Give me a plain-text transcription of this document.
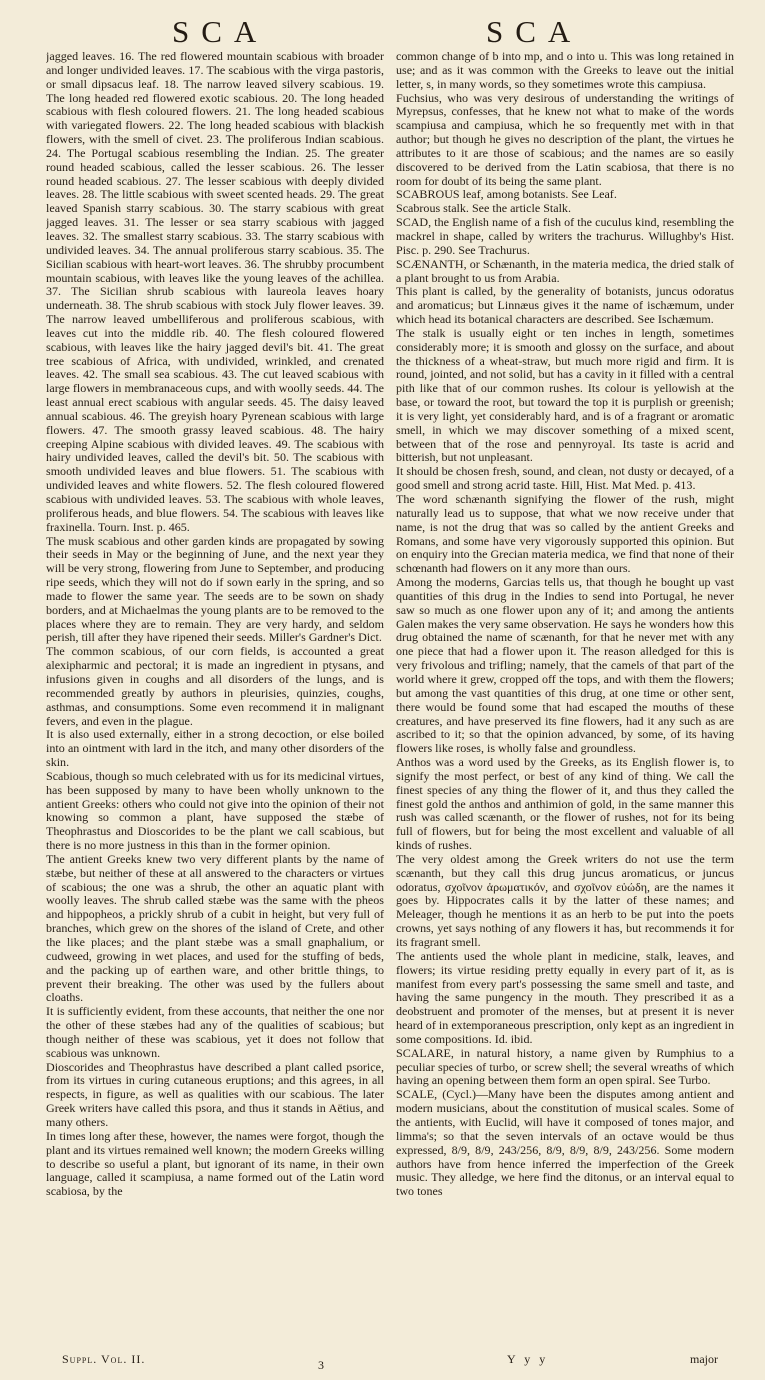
SCA	SCA

jagged leaves. 16. The red flowered mountain scabious with broader and longer undivided leaves. 17. The scabious with the virga pastoris, or small dipsacus leaf. 18. The narrow leaved silvery scabious. 19. The long headed red flowered exotic scabious. 20. The long headed scabious with flesh coloured flowers. 21. The long headed scabious with variegated flowers. 22. The long headed scabious with blackish flowers, with the smell of civet. 23. The proliferous Indian scabious. 24. The Portugal scabious resembling the Indian. 25. The greater round headed scabious, called the lesser scabious. 26. The lesser round headed scabious. 27. The lesser scabious with deeply divided leaves. 28. The little scabious with sweet scented heads. 29. The great leaved Spanish starry scabious. 30. The starry scabious with great jagged leaves. 31. The lesser or sea starry scabious with jagged leaves. 32. The smallest starry scabious. 33. The starry scabious with undivided leaves. 34. The annual proliferous starry scabious. 35. The Sicilian scabious with heart-wort leaves. 36. The shrubby procumbent mountain scabious, with leaves like the young leaves of the achillea. 37. The Sicilian shrub scabious with laureola leaves hoary underneath. 38. The shrub scabious with stock July flower leaves. 39. The narrow leaved umbelliferous and proliferous scabious, with leaves cut into the middle rib. 40. The flesh coloured flowered scabious, with leaves like the hairy jagged devil's bit. 41. The great tree scabious of Africa, with undivided, wrinkled, and crenated leaves. 42. The small sea scabious. 43. The cut leaved scabious with large flowers in membranaceous cups, and with woolly seeds. 44. The least annual erect scabious with angular seeds. 45. The daisy leaved annual scabious. 46. The greyish hoary Pyrenean scabious with large flowers. 47. The smooth grassy leaved scabious. 48. The hairy creeping Alpine scabious with divided leaves. 49. The scabious with hairy undivided leaves, called the devil's bit. 50. The scabious with smooth undivided leaves and blue flowers. 51. The scabious with undivided leaves and white flowers. 52. The flesh coloured flowered scabious with undivided leaves. 53. The scabious with whole leaves, proliferous heads, and blue flowers. 54. The scabious with leaves like fraxinella. Tourn. Inst. p. 465.

The musk scabious and other garden kinds are propagated by sowing their seeds in May or the beginning of June, and the next year they will be very strong, flowering from June to September, and producing ripe seeds, which they will not do if sown early in the spring, and so made to flower the same year. The seeds are to be sown on shady borders, and at Michaelmas the young plants are to be removed to the places where they are to remain. They are very hardy, and seldom perish, till after they have ripened their seeds. Miller's Gardner's Dict.

The common scabious, of our corn fields, is accounted a great alexipharmic and pectoral; it is made an ingredient in ptysans, and infusions given in coughs and all disorders of the lungs, and is recommended greatly by authors in pleurisies, quinzies, coughs, asthmas, and consumptions. Some even recommend it in malignant fevers, and even in the plague.

It is also used externally, either in a strong decoction, or else boiled into an ointment with lard in the itch, and many other disorders of the skin.

Scabious, though so much celebrated with us for its medicinal virtues, has been supposed by many to have been wholly unknown to the antient Greeks: others who could not give into the opinion of their not knowing so common a plant, have supposed the stæbe of Theophrastus and Dioscorides to be the plant we call scabious, but there is no more justness in this than in the former opinion.

The antient Greeks knew two very different plants by the name of stæbe, but neither of these at all answered to the characters or virtues of scabious; the one was a shrub, the other an aquatic plant with woolly leaves. The shrub called stæbe was the same with the pheos and hippopheos, a prickly shrub of a cubit in height, but very full of branches, which grew on the shores of the island of Crete, and other the like places; and the plant stæbe was a small gnaphalium, or cudweed, growing in wet places, and used for the stuffing of beds, and the packing up of earthen ware, and other brittle things, to prevent their breaking. The other was used by the fullers about cloaths.

It is sufficiently evident, from these accounts, that neither the one nor the other of these stæbes had any of the qualities of scabious; but though neither of these was scabious, yet it does not follow that scabious was unknown.

Dioscorides and Theophrastus have described a plant called psorice, from its virtues in curing cutaneous eruptions; and this agrees, in all respects, in figure, as well as qualities with our scabious. The later Greek writers have called this psora, and thus it stands in Aëtius, and many others.

In times long after these, however, the names were forgot, though the plant and its virtues remained well known; the modern Greeks willing to describe so useful a plant, but ignorant of its name, in their own language, called it scampiusa, a name formed out of the Latin word scabiosa, by the

common change of b into mp, and o into u. This was long retained in use; and as it was common with the Greeks to leave out the initial letter, s, in many words, so they sometimes wrote this campiusa.

Fuchsius, who was very desirous of understanding the writings of Myrepsus, confesses, that he knew not what to make of the words scampiusa and campiusa, which he so frequently met with in that author; but though he gives no description of the plant, the virtues he attributes to it are those of scabious; and the names are so easily discovered to be derived from the Latin scabiosa, that there is no room for doubt of its being the same plant.

SCABROUS leaf, among botanists. See Leaf.

Scabrous stalk. See the article Stalk.

SCAD, the English name of a fish of the cuculus kind, resembling the mackrel in shape, called by writers the trachurus. Willughby's Hist. Pisc. p. 290. See Trachurus.

SCÆNANTH, or Schænanth, in the materia medica, the dried stalk of a plant brought to us from Arabia.

This plant is called, by the generality of botanists, juncus odoratus and aromaticus; but Linnæus gives it the name of ischæmum, under which head its botanical characters are described. See Ischæmum.

The stalk is usually eight or ten inches in length, sometimes considerably more; it is smooth and glossy on the surface, and about the thickness of a wheat-straw, but much more rigid and firm. It is round, jointed, and not solid, but has a cavity in it filled with a central pith like that of our common rushes. Its colour is yellowish at the base, or toward the root, but toward the top it is purplish or greenish; it is very light, yet considerably hard, and is of a fragrant or aromatic smell, in which we may discover something of a mixed scent, between that of the rose and pennyroyal. Its taste is acrid and bitterish, but not unpleasant.

It should be chosen fresh, sound, and clean, not dusty or decayed, of a good smell and strong acrid taste. Hill, Hist. Mat Med. p. 413.

The word schænanth signifying the flower of the rush, might naturally lead us to suppose, that what we now receive under that name, is not the drug that was so called by the antient Greeks and Romans, and some have very vigorously supported this opinion. But on enquiry into the Grecian materia medica, we find that none of their schœnanth had flowers on it any more than ours.

Among the moderns, Garcias tells us, that though he bought up vast quantities of this drug in the Indies to send into Portugal, he never saw so much as one flower upon any of it; and among the antients Galen makes the very same observation. He says he wonders how this drug obtained the name of scænanth, for that he never met with any one piece that had a flower upon it. The reason alledged for this is very frivolous and trifling; namely, that the camels of that part of the world where it grew, cropped off the tops, and with them the flowers; but among the vast quantities of this drug, at one time or other sent, there would be found some that had escaped the mouths of these creatures, and have preserved its fine flowers, had it any such as are ascribed to it; so that the opinion advanced, by some, of its having flowers like roses, is wholly false and groundless.

Anthos was a word used by the Greeks, as its English flower is, to signify the most perfect, or best of any kind of thing. We call the finest species of any thing the flower of it, and thus they called the finest gold the anthos and anthimion of gold, in the same manner this rush was called scænanth, or the flower of rushes, not for its being full of flowers, but for being the most excellent and valuable of all kinds of rushes.

The very oldest among the Greek writers do not use the term scænanth, but they call this drug juncus aromaticus, or juncus odoratus, σχοῖνον ἀρωματικόν, and σχοῖνον εὐώδη, are the names it goes by. Hippocrates calls it by the latter of these names; and Meleager, though he mentions it as an herb to be put into the poets crowns, yet says nothing of any flowers it has, but recommends it for its fragrant smell.

The antients used the whole plant in medicine, stalk, leaves, and flowers; its virtue residing pretty equally in every part of it, as is manifest from every part's possessing the same smell and taste, and having the same pungency in the mouth. They prescribed it as a deobstruent and promoter of the menses, but at present it is never heard of in extemporaneous prescription, only kept as an ingredient in some compositions. Id. ibid.

SCALARE, in natural history, a name given by Rumphius to a peculiar species of turbo, or screw shell; the several wreaths of which having an opening between them form an open spiral. See Turbo.

SCALE, (Cycl.)—Many have been the disputes among antient and modern musicians, about the constitution of musical scales. Some of the antients, with Euclid, will have it composed of tones major, and limma's; so that the seven intervals of an octave would be thus expressed, 8/9, 8/9, 243/256, 8/9, 8/9, 8/9, 243/256. Some modern authors have from hence inferred the imperfection of the Greek music. They alledge, we here find the ditonus, or an interval equal to two tones

Suppl. Vol. II.	3	Y y y	major
